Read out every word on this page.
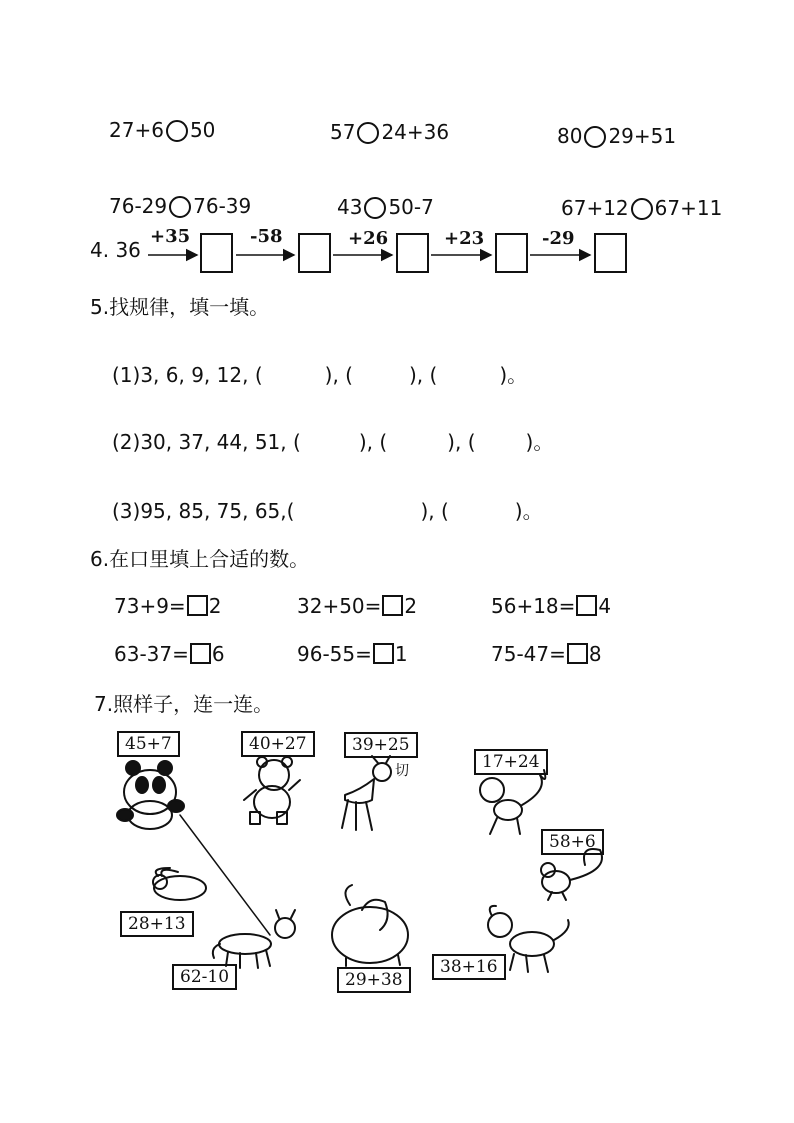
27+6 50	57 24+36	80 29+51
76-29 76-39	43 50-7	67+12 67+11
4. 36
+35	-58	+26	+23	-29
5.找规律，填一填。
(1)3, 6, 9, 12, (	), (	), (	)。
(2)30, 37, 44, 51, (	), (	), (	)。
(3)95, 85, 75, 65,(	), (	)。
6.在口里填上合适的数。
73+9= 2	32+50= 2	56+18= 4
63-37= 6	96-55= 1	75-47= 8
7.照样子，连一连。
45+7	40+27	39+25
17+24
58+6
28+13
62-10	29+38
38+16
切
